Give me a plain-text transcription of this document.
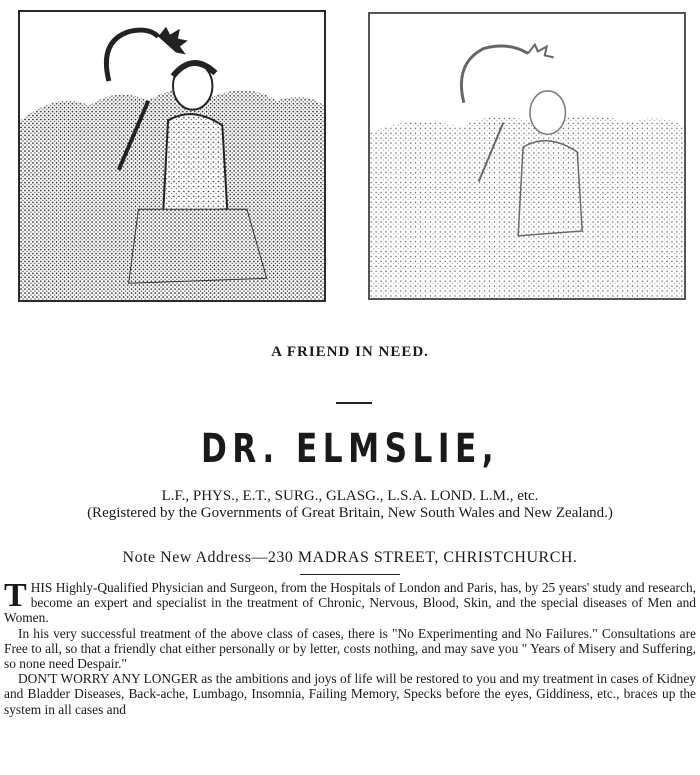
A FRIEND IN NEED.
DR. ELMSLIE,
L.F., PHYS., E.T., SURG., GLASG., L.S.A. LOND. L.M., etc.
(Registered by the Governments of Great Britain, New South Wales and New Zealand.)
Note New Address—230 MADRAS STREET, CHRISTCHURCH.

THIS Highly-Qualified Physician and Surgeon, from the Hospitals of London and Paris, has, by 25 years' study and research, become an expert and specialist in the treatment of Chronic, Nervous, Blood, Skin, and the special diseases of Men and Women.

In his very successful treatment of the above class of cases, there is "No Experimenting and No Failures." Consultations are Free to all, so that a friendly chat either personally or by letter, costs nothing, and may save you " Years of Misery and Suffering, so none need Despair."

DON'T WORRY ANY LONGER as the ambitions and joys of life will be restored to you and my treatment in cases of Kidney and Bladder Diseases, Back-ache, Lumbago, Insomnia, Failing Memory, Specks before the eyes, Giddiness, etc., braces up the system in all cases and
